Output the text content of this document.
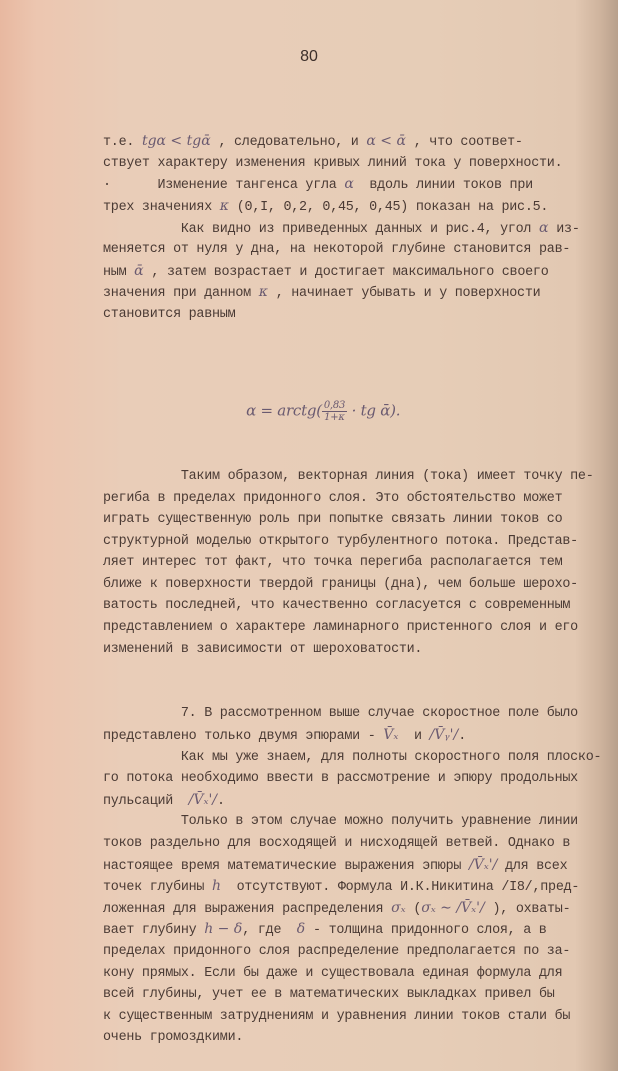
80

т.е. tgα < tgᾱ , следовательно, и α < ᾱ , что соответ-
ствует характеру изменения кривых линий тока у поверхности.
·      Изменение тангенса угла α  вдоль линии токов при
трех значениях κ (0,I, 0,2, 0,45, 0,45) показан на рис.5.
Как видно из приведенных данных и рис.4, угол α из-
меняется от нуля у дна, на некоторой глубине становится рав-
ным ᾱ , затем возрастает и достигает максимального своего
значения при данном κ , начинает убывать и у поверхности
становится равным

α = arctg( $\frac{0,83}{1+\kappa}$ · tg ᾱ).

Таким образом, векторная линия (тока) имеет точку пе-
региба в пределах придонного слоя. Это обстоятельство может
играть существенную роль при попытке связать линии токов со
структурной моделью открытого турбулентного потока. Представ-
ляет интерес тот факт, что точка перегиба располагается тем
ближе к поверхности твердой границы (дна), чем больше шерохо-
ватость последней, что качественно согласуется с современным
представлением о характере ламинарного пристенного слоя и его
изменений в зависимости от шероховатости.

7. В рассмотренном выше случае скоростное поле было
представлено только двумя эпюрами - V̄ₓ  и /V̄ᵧ'/.
Как мы уже знаем, для полноты скоростного поля плоско-
го потока необходимо ввести в рассмотрение и эпюру продольных
пульсаций  /V̄ₓ'/.
Только в этом случае можно получить уравнение линии
токов раздельно для восходящей и нисходящей ветвей. Однако в
настоящее время математические выражения эпюры /V̄ₓ'/ для всех
точек глубины h  отсутствуют. Формула И.К.Никитина /I8/,пред-
ложенная для выражения распределения σₓ (σₓ ∼ /V̄ₓ'/ ), охваты-
вает глубину h − δ, где  δ - толщина придонного слоя, а в
пределах придонного слоя распределение предполагается по за-
кону прямых. Если бы даже и существовала единая формула для
всей глубины, учет ее в математических выкладках привел бы
к существенным затруднениям и уравнения линии токов стали бы
очень громоздкими.
